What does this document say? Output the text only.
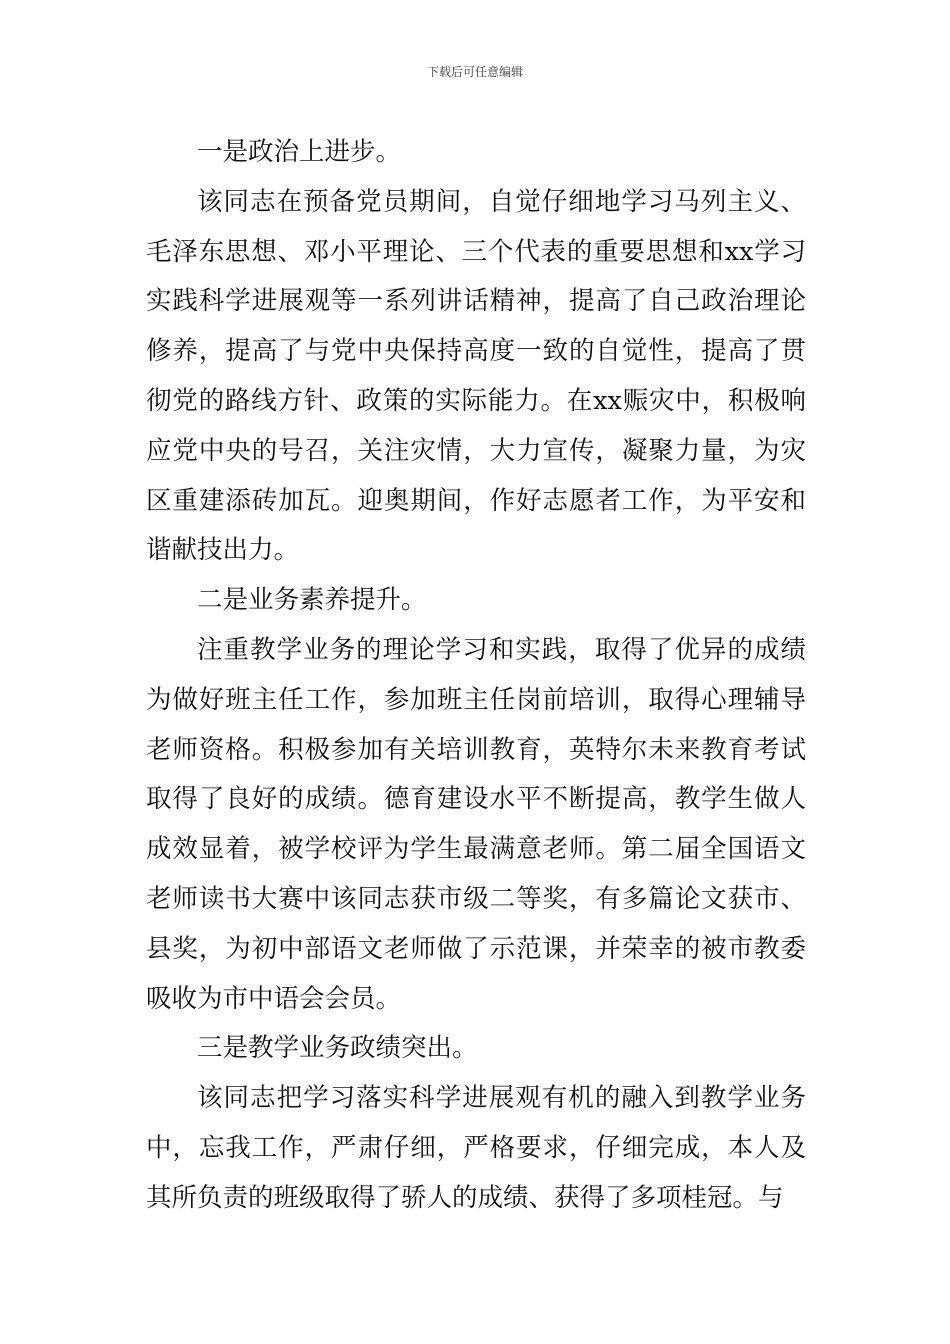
下载后可任意编辑

一是政治上进步。

该同志在预备党员期间，自觉仔细地学习马列主义、毛泽东思想、邓小平理论、三个代表的重要思想和xx学习实践科学进展观等一系列讲话精神，提高了自己政治理论修养，提高了与党中央保持高度一致的自觉性，提高了贯彻党的路线方针、政策的实际能力。在xx赈灾中，积极响应党中央的号召，关注灾情，大力宣传，凝聚力量，为灾区重建添砖加瓦。迎奥期间，作好志愿者工作，为平安和谐献技出力。

二是业务素养提升。

注重教学业务的理论学习和实践，取得了优异的成绩为做好班主任工作，参加班主任岗前培训，取得心理辅导老师资格。积极参加有关培训教育，英特尔未来教育考试取得了良好的成绩。德育建设水平不断提高，教学生做人成效显着，被学校评为学生最满意老师。第二届全国语文老师读书大赛中该同志获市级二等奖，有多篇论文获市、县奖，为初中部语文老师做了示范课，并荣幸的被市教委吸收为市中语会会员。

三是教学业务政绩突出。

该同志把学习落实科学进展观有机的融入到教学业务中，忘我工作，严肃仔细，严格要求，仔细完成，本人及其所负责的班级取得了骄人的成绩、获得了多项桂冠。与
